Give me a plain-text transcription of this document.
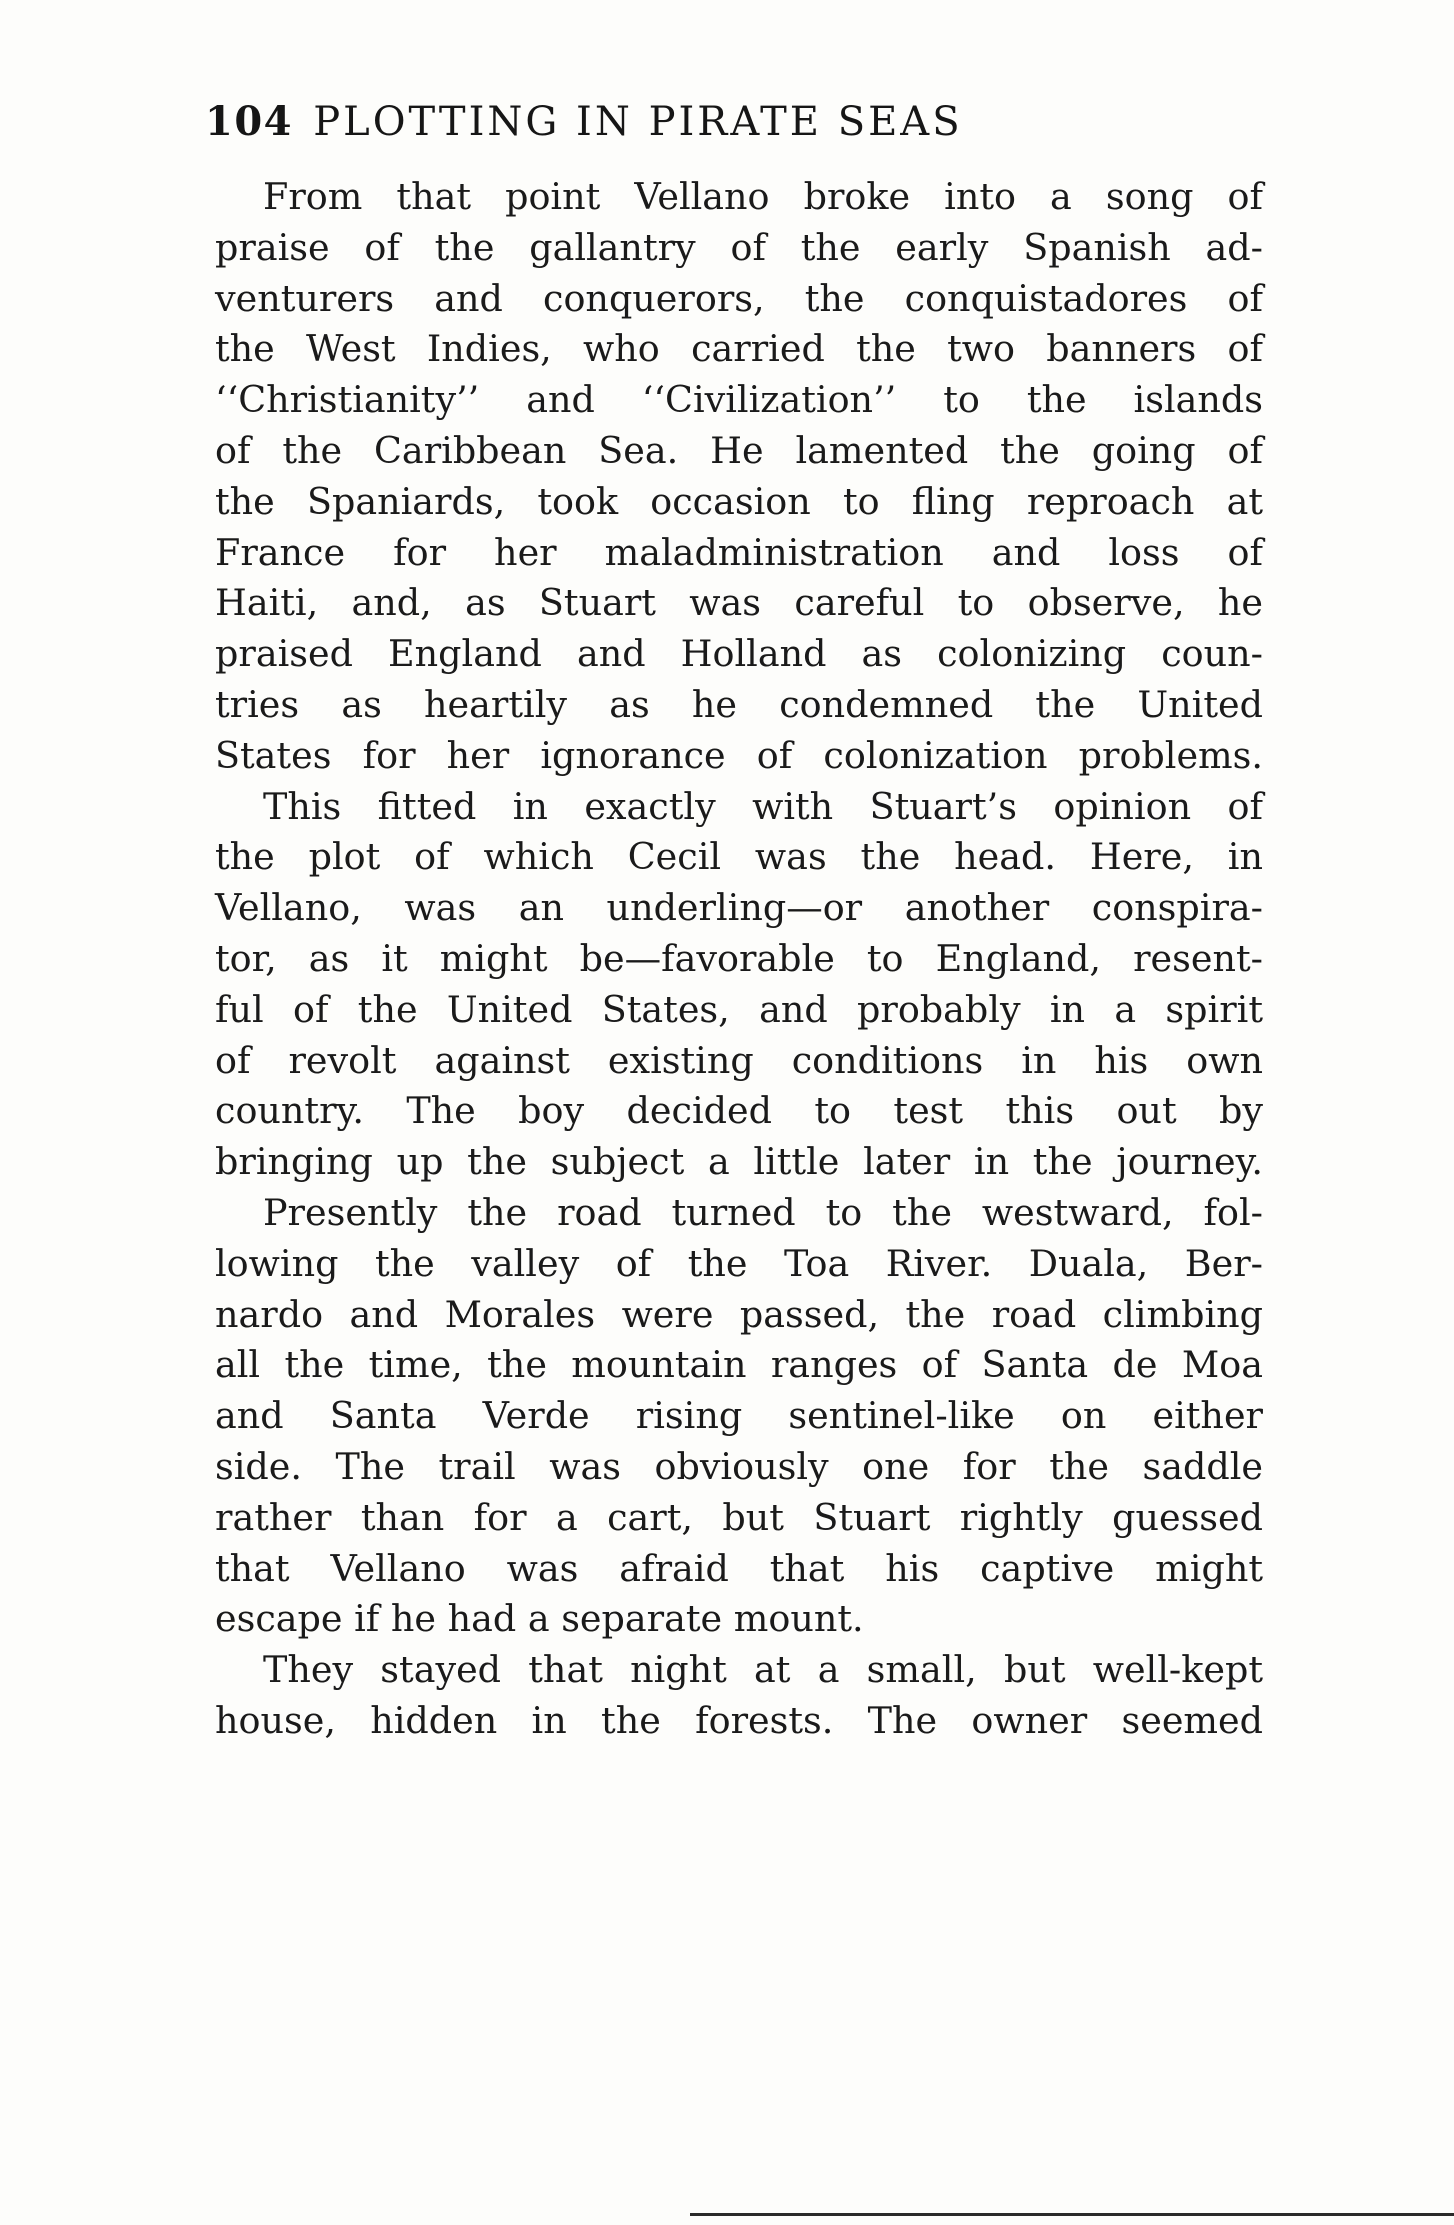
104 PLOTTING IN PIRATE SEAS
From that point Vellano broke into a song of
praise of the gallantry of the early Spanish ad-
venturers and conquerors, the conquistadores of
the West Indies, who carried the two banners of
‘‘Christianity’’ and ‘‘Civilization’’ to the islands
of the Caribbean Sea. He lamented the going of
the Spaniards, took occasion to fling reproach at
France for her maladministration and loss of
Haiti, and, as Stuart was careful to observe, he
praised England and Holland as colonizing coun-
tries as heartily as he condemned the United
States for her ignorance of colonization problems.
This fitted in exactly with Stuart’s opinion of
the plot of which Cecil was the head. Here, in
Vellano, was an underling—or another conspira-
tor, as it might be—favorable to England, resent-
ful of the United States, and probably in a spirit
of revolt against existing conditions in his own
country. The boy decided to test this out by
bringing up the subject a little later in the journey.
Presently the road turned to the westward, fol-
lowing the valley of the Toa River. Duala, Ber-
nardo and Morales were passed, the road climbing
all the time, the mountain ranges of Santa de Moa
and Santa Verde rising sentinel-like on either
side. The trail was obviously one for the saddle
rather than for a cart, but Stuart rightly guessed
that Vellano was afraid that his captive might
escape if he had a separate mount.
They stayed that night at a small, but well-kept
house, hidden in the forests. The owner seemed
